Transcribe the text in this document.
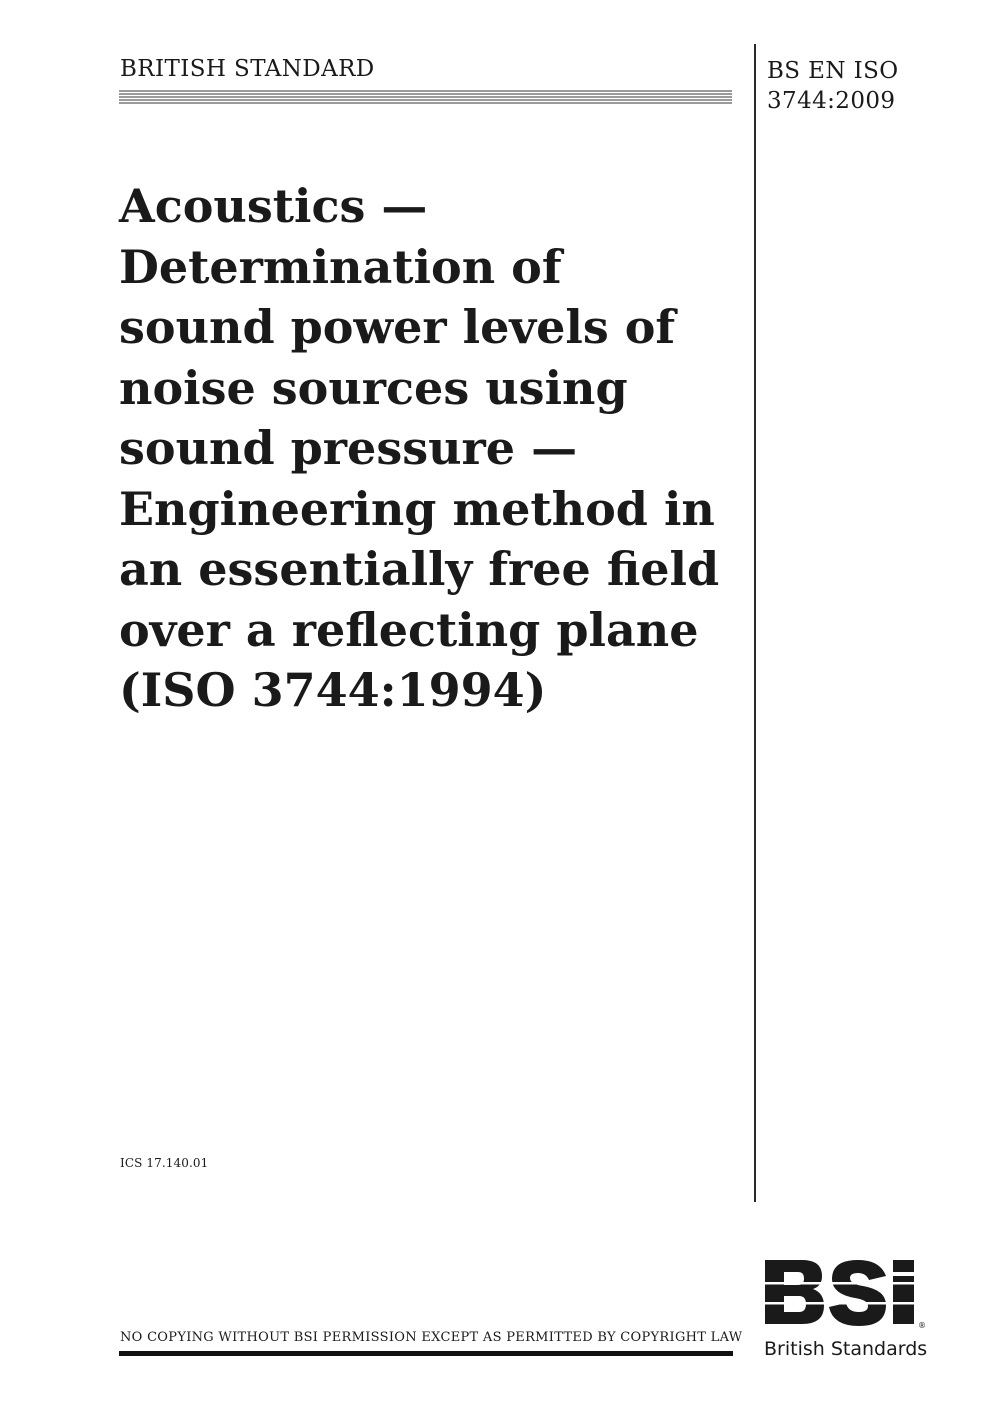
BRITISH STANDARD	BS EN ISO
3744:2009
Acoustics —
Determination of
sound power levels of
noise sources using
sound pressure —
Engineering method in
an essentially free field
over a reflecting plane
(ISO 3744:1994)
ICS 17.140.01
NO COPYING WITHOUT BSI PERMISSION EXCEPT AS PERMITTED BY COPYRIGHT LAW
®
British Standards
